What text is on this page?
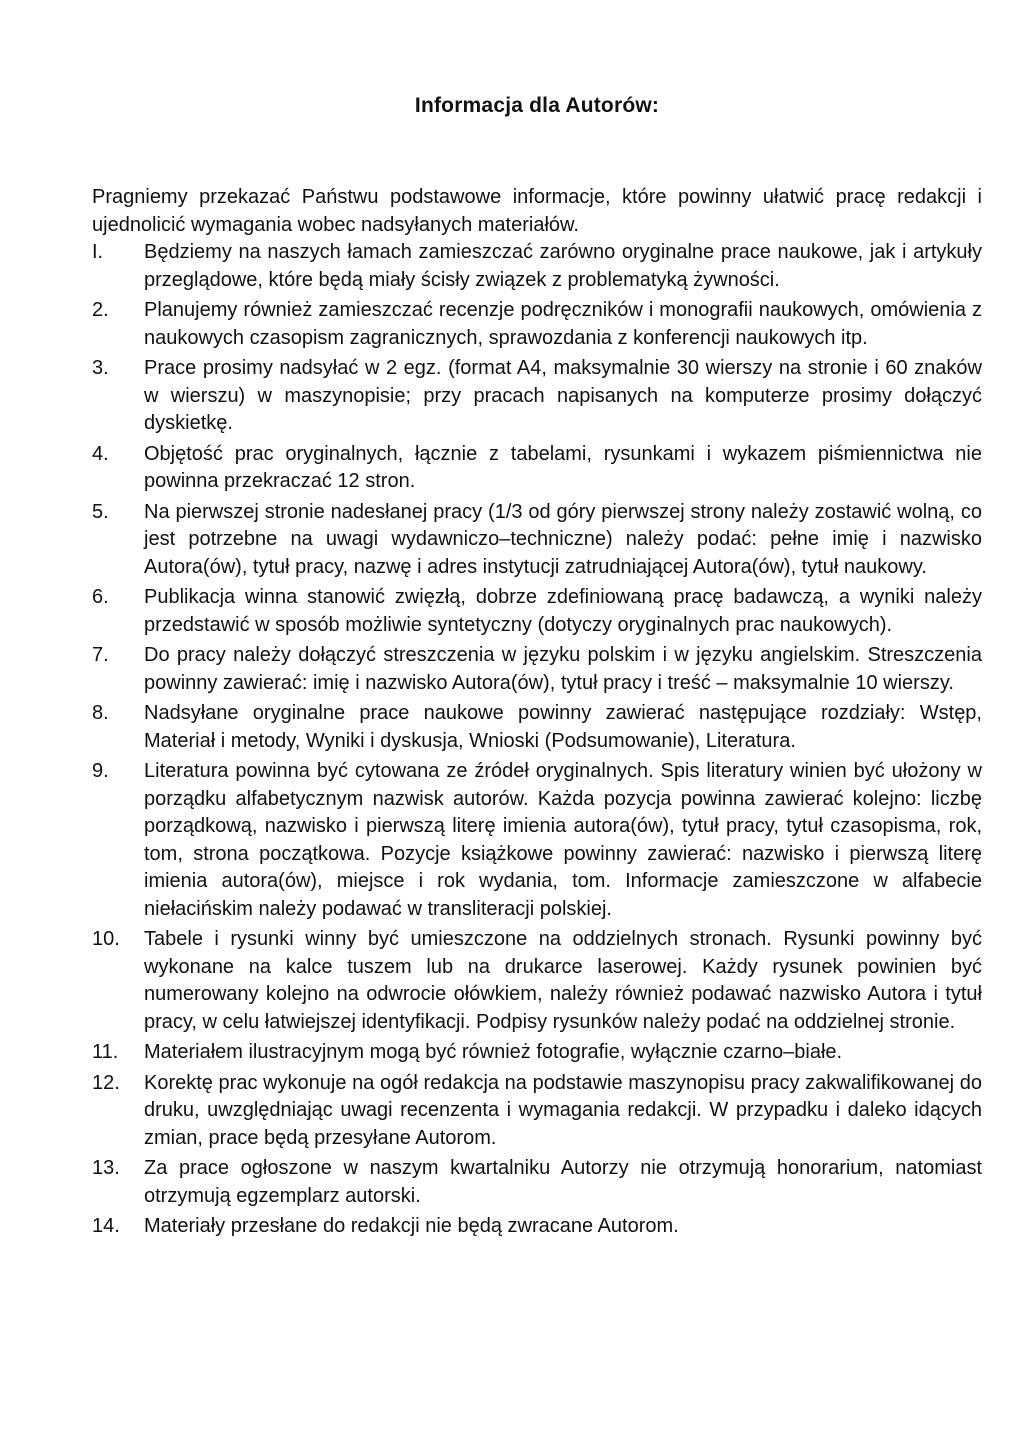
Informacja dla Autorów:

Pragniemy przekazać Państwu podstawowe informacje, które powinny ułatwić pracę redakcji i ujednolicić wymagania wobec nadsyłanych materiałów.

I.	Będziemy na naszych łamach zamieszczać zarówno oryginalne prace naukowe, jak i artykuły przeglądowe, które będą miały ścisły związek z problematyką żywności.
2.	Planujemy również zamieszczać recenzje podręczników i monografii naukowych, omówienia z naukowych czasopism zagranicznych, sprawozdania z konferencji naukowych itp.
3.	Prace prosimy nadsyłać w 2 egz. (format A4, maksymalnie 30 wierszy na stronie i 60 znaków w wierszu) w maszynopisie; przy pracach napisanych na komputerze prosimy dołączyć dyskietkę.
4.	Objętość prac oryginalnych, łącznie z tabelami, rysunkami i wykazem piśmiennictwa nie powinna przekraczać 12 stron.
5.	Na pierwszej stronie nadesłanej pracy (1/3 od góry pierwszej strony należy zostawić wolną, co jest potrzebne na uwagi wydawniczo–techniczne) należy podać: pełne imię i nazwisko Autora(ów), tytuł pracy, nazwę i adres instytucji zatrudniającej Autora(ów), tytuł naukowy.
6.	Publikacja winna stanowić zwięzłą, dobrze zdefiniowaną pracę badawczą, a wyniki należy przedstawić w sposób możliwie syntetyczny (dotyczy oryginalnych prac naukowych).
7.	Do pracy należy dołączyć streszczenia w języku polskim i w języku angielskim. Streszczenia powinny zawierać: imię i nazwisko Autora(ów), tytuł pracy i treść – maksymalnie 10 wierszy.
8.	Nadsyłane oryginalne prace naukowe powinny zawierać następujące rozdziały: Wstęp, Materiał i metody, Wyniki i dyskusja, Wnioski (Podsumowanie), Literatura.
9.	Literatura powinna być cytowana ze źródeł oryginalnych. Spis literatury winien być ułożony w porządku alfabetycznym nazwisk autorów. Każda pozycja powinna zawierać kolejno: liczbę porządkową, nazwisko i pierwszą literę imienia autora(ów), tytuł pracy, tytuł czasopisma, rok, tom, strona początkowa. Pozycje książkowe powinny zawierać: nazwisko i pierwszą literę imienia autora(ów), miejsce i rok wydania, tom. Informacje zamieszczone w alfabecie niełacińskim należy podawać w transliteracji polskiej.
10.	Tabele i rysunki winny być umieszczone na oddzielnych stronach. Rysunki powinny być wykonane na kalce tuszem lub na drukarce laserowej. Każdy rysunek powinien być numerowany kolejno na odwrocie ołówkiem, należy również podawać nazwisko Autora i tytuł pracy, w celu łatwiejszej identyfikacji. Podpisy rysunków należy podać na oddzielnej stronie.
11.	Materiałem ilustracyjnym mogą być również fotografie, wyłącznie czarno–białe.
12.	Korektę prac wykonuje na ogół redakcja na podstawie maszynopisu pracy zakwalifikowanej do druku, uwzględniając uwagi recenzenta i wymagania redakcji. W przypadku i daleko idących zmian, prace będą przesyłane Autorom.
13.	Za prace ogłoszone w naszym kwartalniku Autorzy nie otrzymują honorarium, natomiast otrzymują egzemplarz autorski.
14.	Materiały przesłane do redakcji nie będą zwracane Autorom.
